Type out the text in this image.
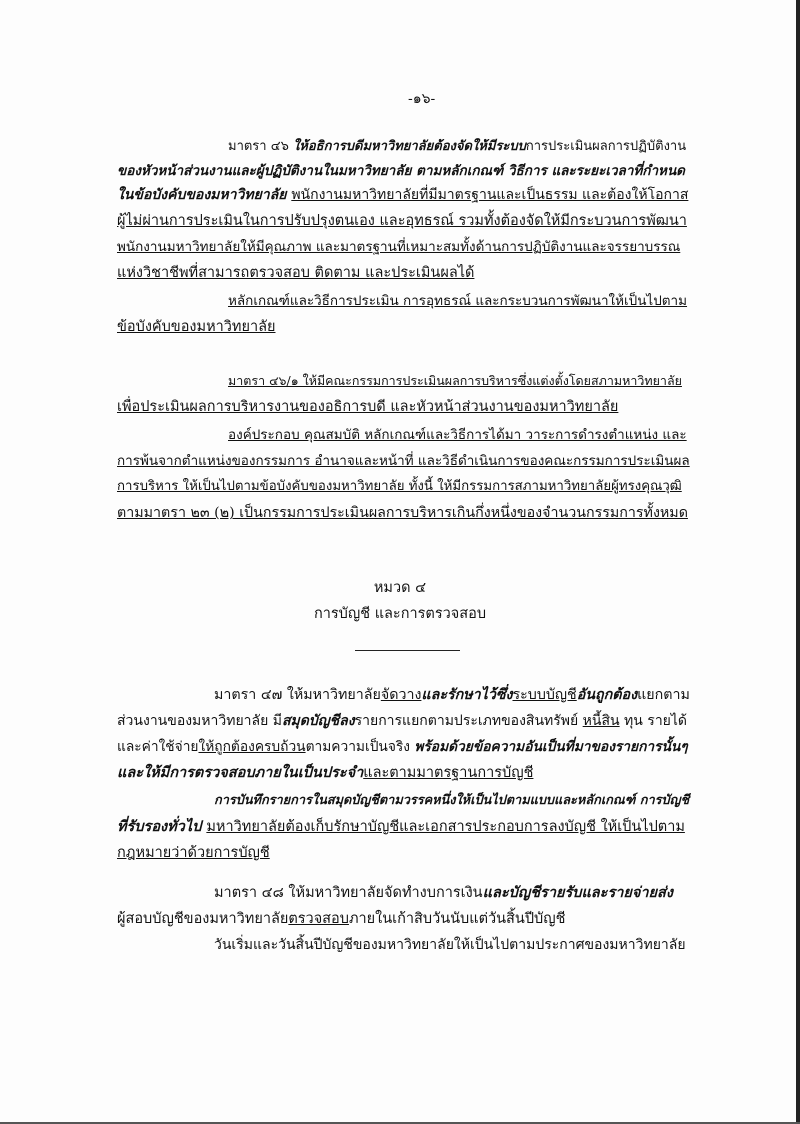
-๑๖-
มาตรา ๔๖ ให้อธิการบดีมหาวิทยาลัยต้องจัดให้มีระบบการประเมินผลการปฏิบัติงาน
ของหัวหน้าส่วนงานและผู้ปฏิบัติงานในมหาวิทยาลัย ตามหลักเกณฑ์ วิธีการ และระยะเวลาที่กำหนด
ในข้อบังคับของมหาวิทยาลัย พนักงานมหาวิทยาลัยที่มีมาตรฐานและเป็นธรรม และต้องให้โอกาส
ผู้ไม่ผ่านการประเมินในการปรับปรุงตนเอง และอุทธรณ์ รวมทั้งต้องจัดให้มีกระบวนการพัฒนา
พนักงานมหาวิทยาลัยให้มีคุณภาพ และมาตรฐานที่เหมาะสมทั้งด้านการปฏิบัติงานและจรรยาบรรณ
แห่งวิชาชีพที่สามารถตรวจสอบ ติดตาม และประเมินผลได้
หลักเกณฑ์และวิธีการประเมิน การอุทธรณ์ และกระบวนการพัฒนาให้เป็นไปตาม
ข้อบังคับของมหาวิทยาลัย
มาตรา ๔๖/๑ ให้มีคณะกรรมการประเมินผลการบริหารซึ่งแต่งตั้งโดยสภามหาวิทยาลัย
เพื่อประเมินผลการบริหารงานของอธิการบดี และหัวหน้าส่วนงานของมหาวิทยาลัย
องค์ประกอบ คุณสมบัติ หลักเกณฑ์และวิธีการได้มา วาระการดำรงตำแหน่ง และ
การพ้นจากตำแหน่งของกรรมการ อำนาจและหน้าที่ และวิธีดำเนินการของคณะกรรมการประเมินผล
การบริหาร ให้เป็นไปตามข้อบังคับของมหาวิทยาลัย ทั้งนี้ ให้มีกรรมการสภามหาวิทยาลัยผู้ทรงคุณวุฒิ
ตามมาตรา ๒๓ (๒) เป็นกรรมการประเมินผลการบริหารเกินกึ่งหนึ่งของจำนวนกรรมการทั้งหมด
หมวด ๔
การบัญชี และการตรวจสอบ
มาตรา ๔๗ ให้มหาวิทยาลัยจัดวางและรักษาไว้ซึ่งระบบบัญชีอันถูกต้องแยกตาม
ส่วนงานของมหาวิทยาลัย มีสมุดบัญชีลงรายการแยกตามประเภทของสินทรัพย์ หนี้สิน ทุน รายได้
และค่าใช้จ่ายให้ถูกต้องครบถ้วนตามความเป็นจริง พร้อมด้วยข้อความอันเป็นที่มาของรายการนั้นๆ
และให้มีการตรวจสอบภายในเป็นประจำและตามมาตรฐานการบัญชี
การบันทึกรายการในสมุดบัญชีตามวรรคหนึ่งให้เป็นไปตามแบบและหลักเกณฑ์ การบัญชี
ที่รับรองทั่วไป มหาวิทยาลัยต้องเก็บรักษาบัญชีและเอกสารประกอบการลงบัญชี ให้เป็นไปตาม
กฎหมายว่าด้วยการบัญชี
มาตรา ๔๘ ให้มหาวิทยาลัยจัดทำงบการเงินและบัญชีรายรับและรายจ่ายส่ง
ผู้สอบบัญชีของมหาวิทยาลัยตรวจสอบภายในเก้าสิบวันนับแต่วันสิ้นปีบัญชี
วันเริ่มและวันสิ้นปีบัญชีของมหาวิทยาลัยให้เป็นไปตามประกาศของมหาวิทยาลัย
